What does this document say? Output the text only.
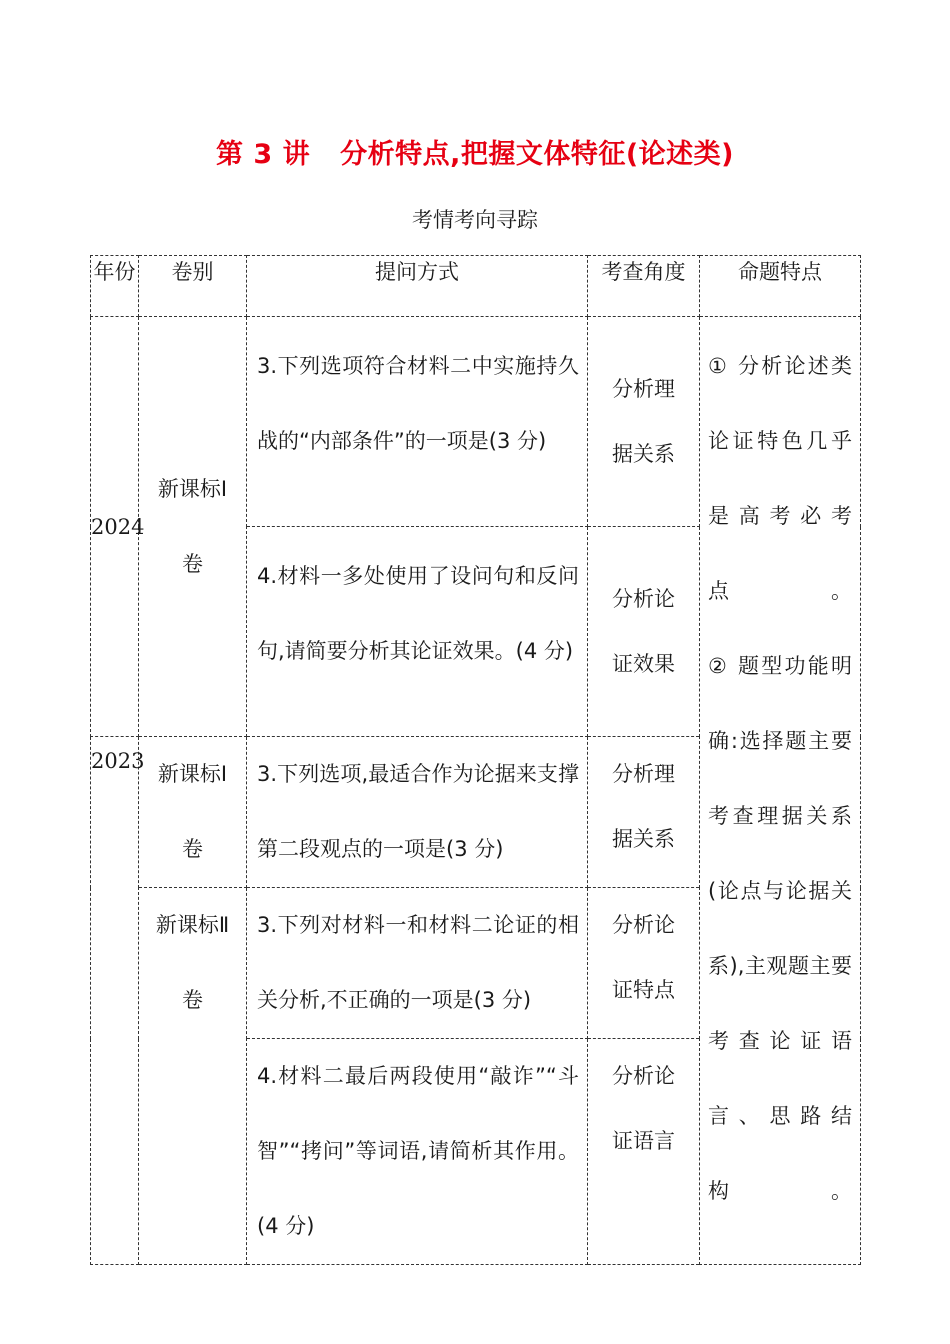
第 3 讲 分析特点,把握文体特征(论述类)
考情考向寻踪
年份	卷别	提问方式	考查角度	命题特点
2024	新课标Ⅰ卷	3.下列选项符合材料二中实施持久战的“内部条件”的一项是(3 分)	分析理据关系	① 分析论述类论证特色几乎是高考必考点。
② 题型功能明确:选择题主要考查理据关系(论点与论据关系),主观题主要考查论证语言、思路结构。

		4.材料一多处使用了设问句和反问句,请简要分析其论证效果。(4 分)	分析论证效果	
2023	新课标Ⅰ卷	3.下列选项,最适合作为论据来支撑第二段观点的一项是(3 分)	分析理据关系	
	新课标Ⅱ卷	3.下列对材料一和材料二论证的相关分析,不正确的一项是(3 分)	分析论证特点	
		4.材料二最后两段使用“敲诈”“斗智”“拷问”等词语,请简析其作用。(4 分)	分析论证语言	
